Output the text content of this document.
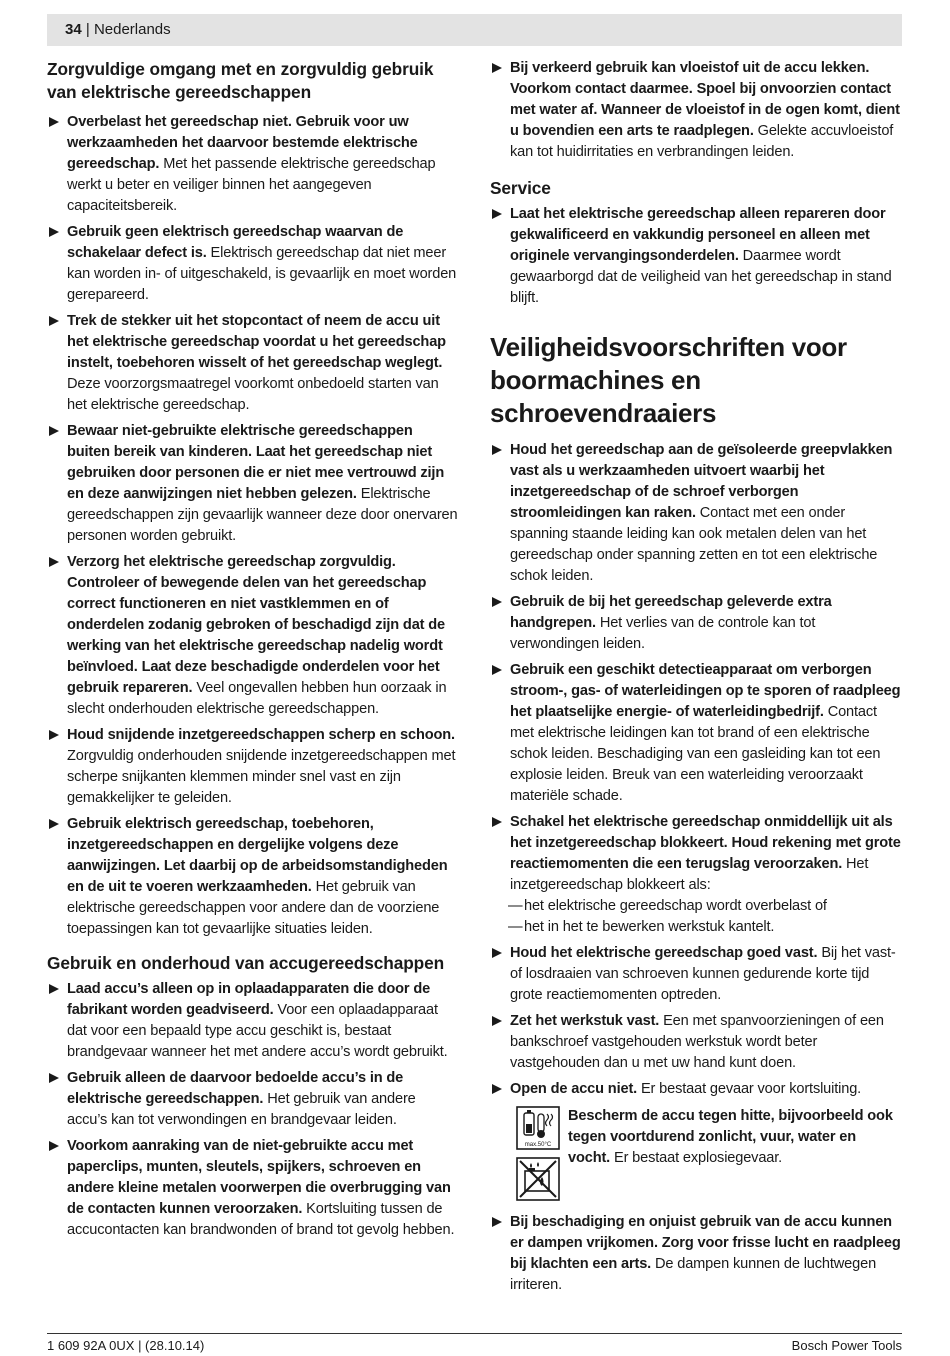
34 | Nederlands
Zorgvuldige omgang met en zorgvuldig gebruik van elektrische gereedschappen
Overbelast het gereedschap niet. Gebruik voor uw werkzaamheden het daarvoor bestemde elektrische gereedschap. Met het passende elektrische gereedschap werkt u beter en veiliger binnen het aangegeven capaciteitsbereik.
Gebruik geen elektrisch gereedschap waarvan de schakelaar defect is. Elektrisch gereedschap dat niet meer kan worden in- of uitgeschakeld, is gevaarlijk en moet worden gerepareerd.
Trek de stekker uit het stopcontact of neem de accu uit het elektrische gereedschap voordat u het gereedschap instelt, toebehoren wisselt of het gereedschap weglegt. Deze voorzorgsmaatregel voorkomt onbedoeld starten van het elektrische gereedschap.
Bewaar niet-gebruikte elektrische gereedschappen buiten bereik van kinderen. Laat het gereedschap niet gebruiken door personen die er niet mee vertrouwd zijn en deze aanwijzingen niet hebben gelezen. Elektrische gereedschappen zijn gevaarlijk wanneer deze door onervaren personen worden gebruikt.
Verzorg het elektrische gereedschap zorgvuldig. Controleer of bewegende delen van het gereedschap correct functioneren en niet vastklemmen en of onderdelen zodanig gebroken of beschadigd zijn dat de werking van het elektrische gereedschap nadelig wordt beïnvloed. Laat deze beschadigde onderdelen voor het gebruik repareren. Veel ongevallen hebben hun oorzaak in slecht onderhouden elektrische gereedschappen.
Houd snijdende inzetgereedschappen scherp en schoon. Zorgvuldig onderhouden snijdende inzetgereedschappen met scherpe snijkanten klemmen minder snel vast en zijn gemakkelijker te geleiden.
Gebruik elektrisch gereedschap, toebehoren, inzetgereedschappen en dergelijke volgens deze aanwijzingen. Let daarbij op de arbeidsomstandigheden en de uit te voeren werkzaamheden. Het gebruik van elektrische gereedschappen voor andere dan de voorziene toepassingen kan tot gevaarlijke situaties leiden.
Gebruik en onderhoud van accugereedschappen
Laad accu’s alleen op in oplaadapparaten die door de fabrikant worden geadviseerd. Voor een oplaadapparaat dat voor een bepaald type accu geschikt is, bestaat brandgevaar wanneer het met andere accu’s wordt gebruikt.
Gebruik alleen de daarvoor bedoelde accu’s in de elektrische gereedschappen. Het gebruik van andere accu’s kan tot verwondingen en brandgevaar leiden.
Voorkom aanraking van de niet-gebruikte accu met paperclips, munten, sleutels, spijkers, schroeven en andere kleine metalen voorwerpen die overbrugging van de contacten kunnen veroorzaken. Kortsluiting tussen de accucontacten kan brandwonden of brand tot gevolg hebben.
Bij verkeerd gebruik kan vloeistof uit de accu lekken. Voorkom contact daarmee. Spoel bij onvoorzien contact met water af. Wanneer de vloeistof in de ogen komt, dient u bovendien een arts te raadplegen. Gelekte accuvloeistof kan tot huidirritaties en verbrandingen leiden.
Service
Laat het elektrische gereedschap alleen repareren door gekwalificeerd en vakkundig personeel en alleen met originele vervangingsonderdelen. Daarmee wordt gewaarborgd dat de veiligheid van het gereedschap in stand blijft.
Veiligheidsvoorschriften voor boormachines en schroevendraaiers
Houd het gereedschap aan de geïsoleerde greepvlakken vast als u werkzaamheden uitvoert waarbij het inzetgereedschap of de schroef verborgen stroomleidingen kan raken. Contact met een onder spanning staande leiding kan ook metalen delen van het gereedschap onder spanning zetten en tot een elektrische schok leiden.
Gebruik de bij het gereedschap geleverde extra handgrepen. Het verlies van de controle kan tot verwondingen leiden.
Gebruik een geschikt detectieapparaat om verborgen stroom-, gas- of waterleidingen op te sporen of raadpleeg het plaatselijke energie- of waterleidingbedrijf. Contact met elektrische leidingen kan tot brand of een elektrische schok leiden. Beschadiging van een gasleiding kan tot een explosie leiden. Breuk van een waterleiding veroorzaakt materiële schade.
Schakel het elektrische gereedschap onmiddellijk uit als het inzetgereedschap blokkeert. Houd rekening met grote reactiemomenten die een terugslag veroorzaken. Het inzetgereedschap blokkeert als:
— het elektrische gereedschap wordt overbelast of
— het in het te bewerken werkstuk kantelt.
Houd het elektrische gereedschap goed vast. Bij het vast- of losdraaien van schroeven kunnen gedurende korte tijd grote reactiemomenten optreden.
Zet het werkstuk vast. Een met spanvoorzieningen of een bankschroef vastgehouden werkstuk wordt beter vastgehouden dan u met uw hand kunt doen.
Open de accu niet. Er bestaat gevaar voor kortsluiting.
max.50°C
Bescherm de accu tegen hitte, bijvoorbeeld ook tegen voortdurend zonlicht, vuur, water en vocht. Er bestaat explosiegevaar.
Bij beschadiging en onjuist gebruik van de accu kunnen er dampen vrijkomen. Zorg voor frisse lucht en raadpleeg bij klachten een arts. De dampen kunnen de luchtwegen irriteren.
1 609 92A 0UX | (28.10.14)	Bosch Power Tools
